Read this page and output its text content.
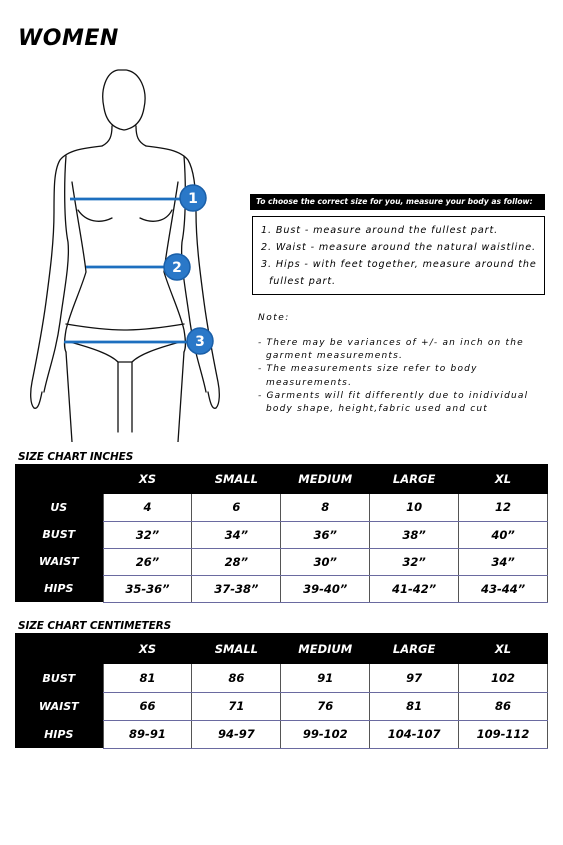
WOMEN
1
2
3
To choose the correct size for you, measure your body as follow:
1. Bust - measure around the fullest part.
2. Waist - measure around the natural waistline.
3. Hips - with feet together, measure around the
fullest part.
Note:
- There may be variances of +/- an inch on the
garment measurements.
- The measurements size refer to body
measurements.
- Garments will fit differently due to inidividual
body shape, height,fabric used and cut
SIZE CHART INCHES
	XS	SMALL	MEDIUM	LARGE	XL
US	4	6	8	10	12
BUST	32”	34”	36”	38”	40”
WAIST	26”	28”	30”	32”	34”
HIPS	35-36”	37-38”	39-40”	41-42”	43-44”
SIZE CHART CENTIMETERS
	XS	SMALL	MEDIUM	LARGE	XL
BUST	81	86	91	97	102
WAIST	66	71	76	81	86
HIPS	89-91	94-97	99-102	104-107	109-112
